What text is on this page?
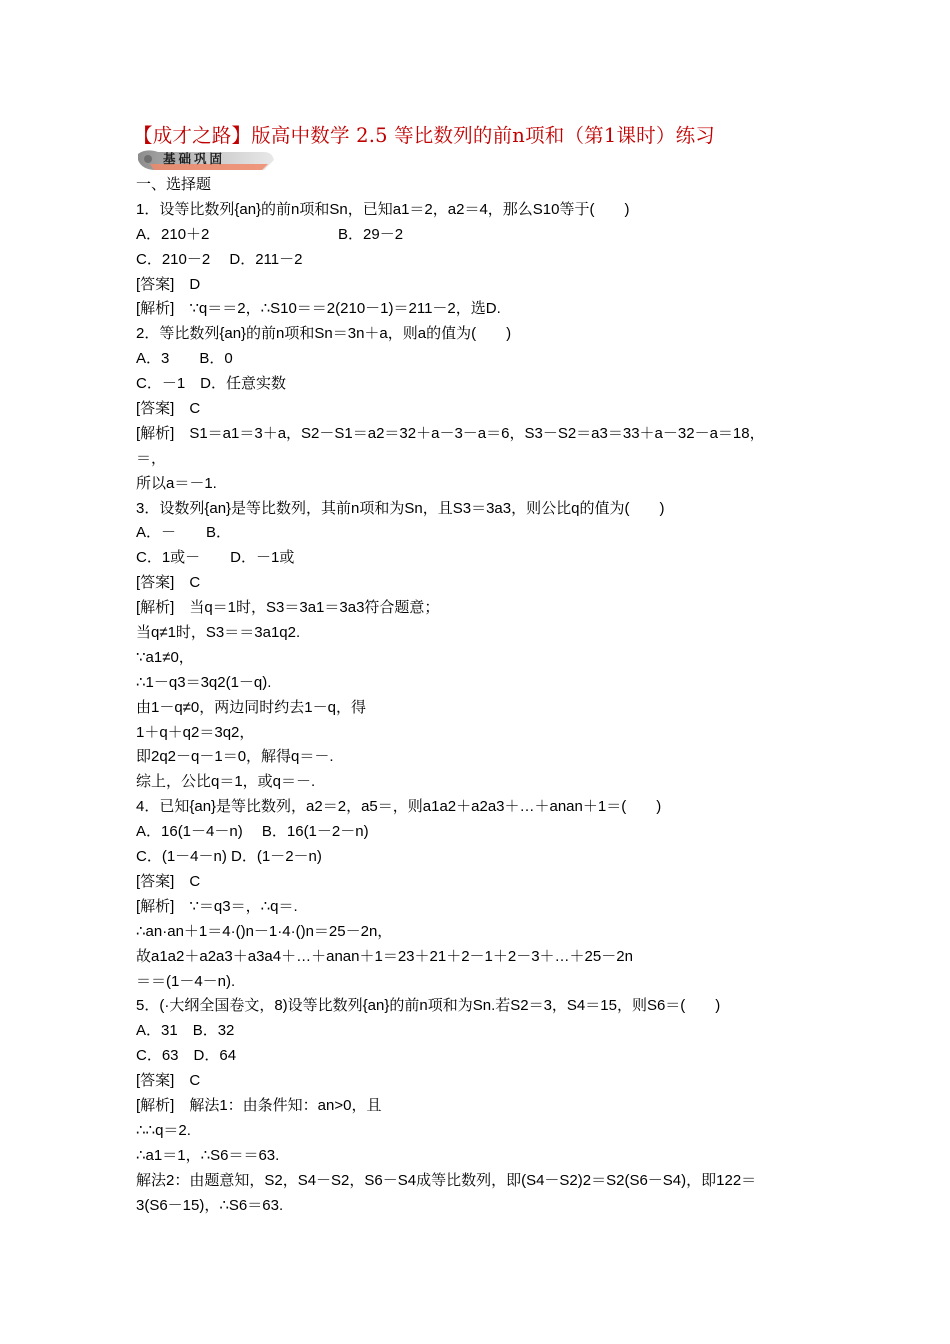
【成才之路】版高中数学 2.5 等比数列的前n项和（第1课时）练习
基础巩固
一、选择题
1．设等比数列{an}的前n项和Sn，已知a1＝2，a2＝4，那么S10等于(　　)
A．210＋2	B．29－2
C．210－2　 D．211－2
[答案]　D
[解析]　∵q＝＝2，∴S10＝＝2(210－1)＝211－2，选D.
2．等比数列{an}的前n项和Sn＝3n＋a，则a的值为(　　)
A．3　　B．0
C．－1　D．任意实数
[答案]　C
[解析]　S1＝a1＝3＋a，S2－S1＝a2＝32＋a－3－a＝6，S3－S2＝a3＝33＋a－32－a＝18，
＝，
所以a＝－1.
3．设数列{an}是等比数列，其前n项和为Sn，且S3＝3a3，则公比q的值为(　　)
A．－　　B．
C．1或－　　D．－1或
[答案]　C
[解析]　当q＝1时，S3＝3a1＝3a3符合题意；
当q≠1时，S3＝＝3a1q2.
∵a1≠0，
∴1－q3＝3q2(1－q).
由1－q≠0，两边同时约去1－q，得
1＋q＋q2＝3q2，
即2q2－q－1＝0，解得q＝－.
综上，公比q＝1，或q＝－.
4．已知{an}是等比数列，a2＝2，a5＝，则a1a2＋a2a3＋…＋anan＋1＝(　　)
A．16(1－4－n)　 B．16(1－2－n)
C．(1－4－n) D．(1－2－n)
[答案]　C
[解析]　∵＝q3＝，∴q＝.
∴an·an＋1＝4·()n－1·4·()n＝25－2n，
故a1a2＋a2a3＋a3a4＋…＋anan＋1＝23＋21＋2－1＋2－3＋…＋25－2n
＝＝(1－4－n).
5．(·大纲全国卷文，8)设等比数列{an}的前n项和为Sn.若S2＝3，S4＝15，则S6＝(　　)
A．31　B．32
C．63　D．64
[答案]　C
[解析]　解法1：由条件知：an>0，且
∴∴q＝2.
∴a1＝1，∴S6＝＝63.
解法2：由题意知，S2，S4－S2，S6－S4成等比数列，即(S4－S2)2＝S2(S6－S4)，即122＝
3(S6－15)，∴S6＝63.
